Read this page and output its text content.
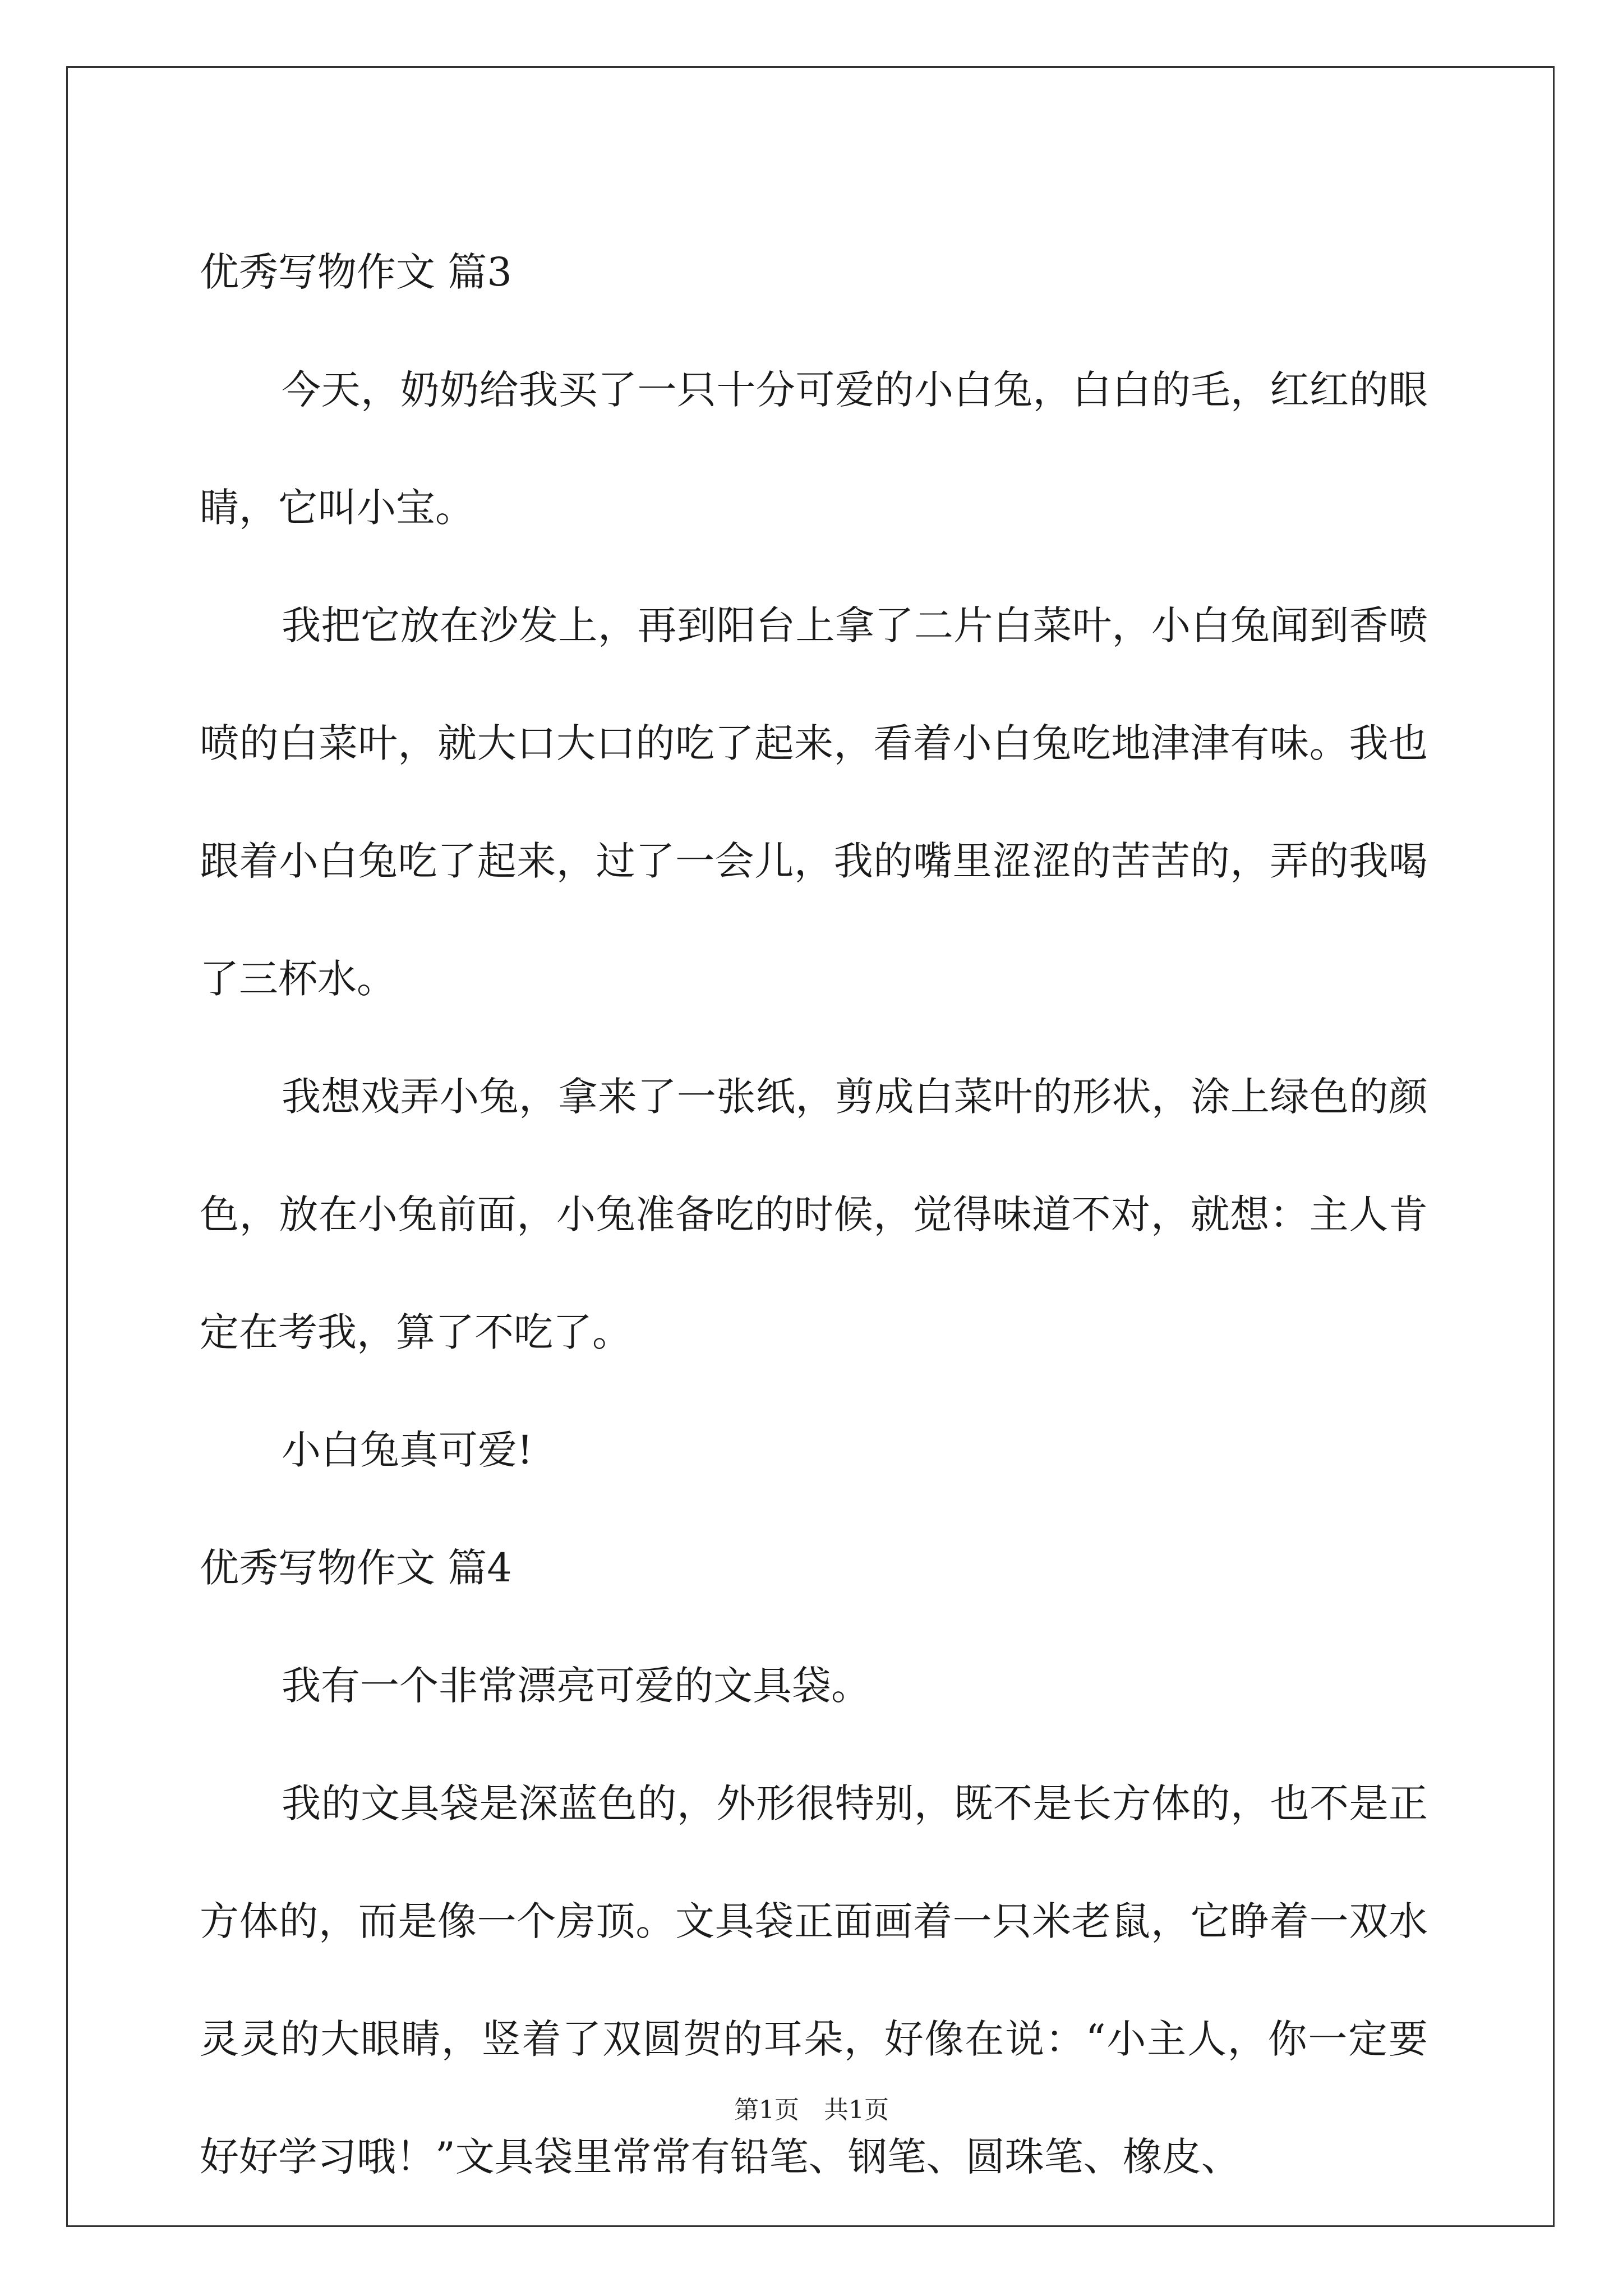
优秀写物作文 篇3

今天，奶奶给我买了一只十分可爱的小白兔，白白的毛，红红的眼睛，它叫小宝。

我把它放在沙发上，再到阳台上拿了二片白菜叶，小白兔闻到香喷喷的白菜叶，就大口大口的吃了起来，看着小白兔吃地津津有味。我也跟着小白兔吃了起来，过了一会儿，我的嘴里涩涩的苦苦的，弄的我喝了三杯水。

我想戏弄小兔，拿来了一张纸，剪成白菜叶的形状，涂上绿色的颜色，放在小兔前面，小兔准备吃的时候，觉得味道不对，就想：主人肯定在考我，算了不吃了。

小白兔真可爱!

优秀写物作文 篇4

我有一个非常漂亮可爱的文具袋。

我的文具袋是深蓝色的，外形很特别，既不是长方体的，也不是正方体的，而是像一个房顶。文具袋正面画着一只米老鼠，它睁着一双水灵灵的大眼睛，竖着了双圆贺的耳朵，好像在说：“小主人，你一定要好好学习哦！”文具袋里常常有铅笔、钢笔、圆珠笔、橡皮、

第1页 共1页
